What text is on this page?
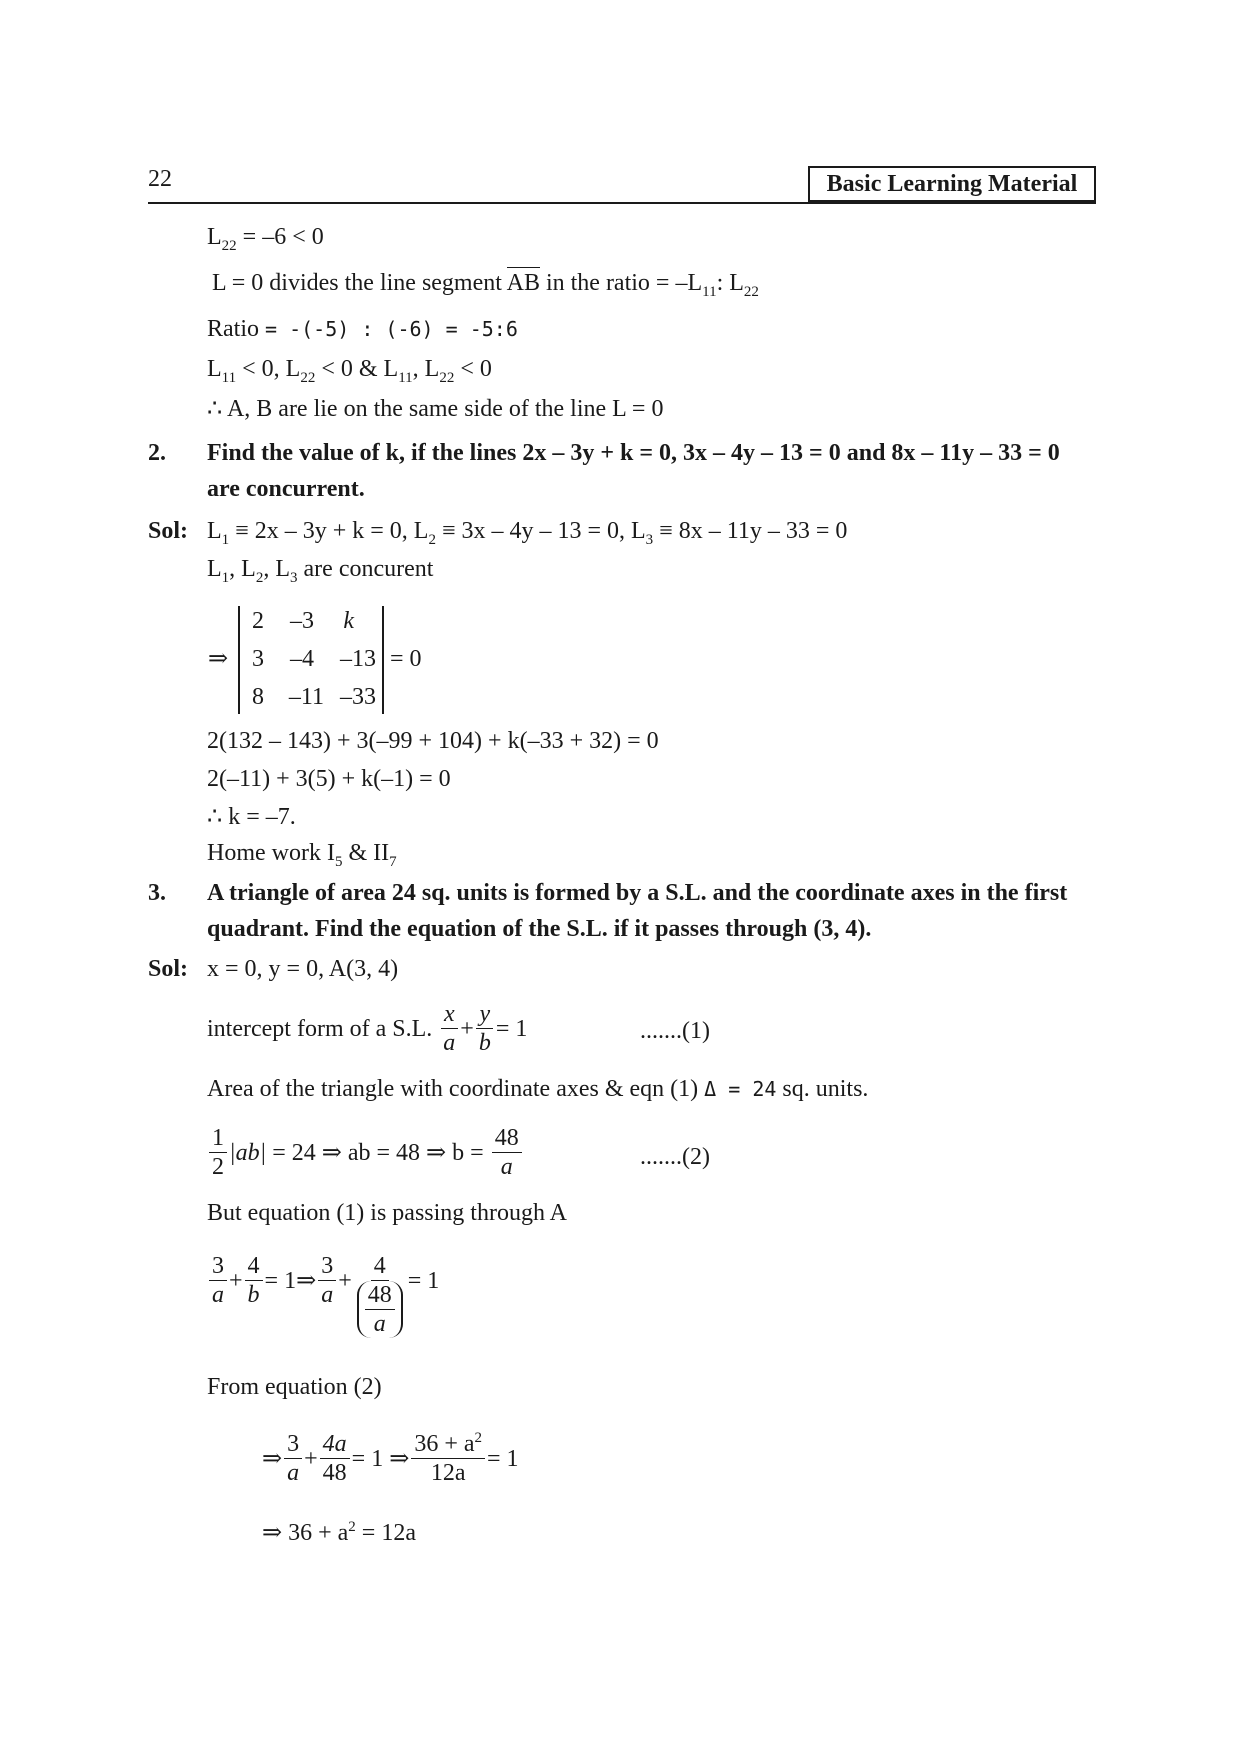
22	Basic Learning Material
$L_{22} = -6 < 0$
L = 0 divides the line segment AB in the ratio = $-L_{11}$: $L_{22}$
Ratio = -(-5) : (-6) = -5:6
$L_{11} < 0$, $L_{22} < 0$ & $L_{11}$, $L_{22} < 0$
∴ A, B are lie on the same side of the line L = 0
2. Find the value of k, if the lines 2x – 3y + k = 0, 3x – 4y – 13 = 0 and 8x – 11y – 33 = 0
are concurrent.
Sol: $L_1 \equiv 2x - 3y + k = 0$, $L_2 \equiv 3x - 4y - 13 = 0$, $L_3 \equiv 8x - 11y - 33 = 0$
$L_1$, $L_2$, $L_3$ are concurent
⇒
2	–3	k
3	–4	–13
8	–11 –33
= 0
2(132 – 143) + 3(–99 + 104) + k(–33 + 32) = 0
2(–11) + 3(5) + k(–1) = 0
∴ k = –7.
Home work $I_5$ & $II_7$
3. A triangle of area 24 sq. units is formed by a S.L. and the coordinate axes in the first
quadrant. Find the equation of the S.L. if it passes through (3, 4).
Sol: x = 0, y = 0, A(3, 4)
intercept form of a S.L.
$\frac{x}{a} + \frac{y}{b} = 1$	.......(1)
Area of the triangle with coordinate axes & eqn (1) Δ = 24 sq. units.
$\frac{1}{2} |ab|$
= 24 ⇒ ab = 48 ⇒ b =
$\frac{48}{a}$	.......(2)
But equation (1) is passing through A
$\frac{3}{a} + \frac{4}{b}$ = 1⇒ $\frac{3}{a} + \frac{4}{\frac{48}{a}} = 1$
From equation (2)
⇒ $\frac{3}{a} + \frac{4a}{48} = 1$ ⇒ $\frac{36 + a^2}{12a} = 1$
⇒ $36 + a^2 = 12a$
